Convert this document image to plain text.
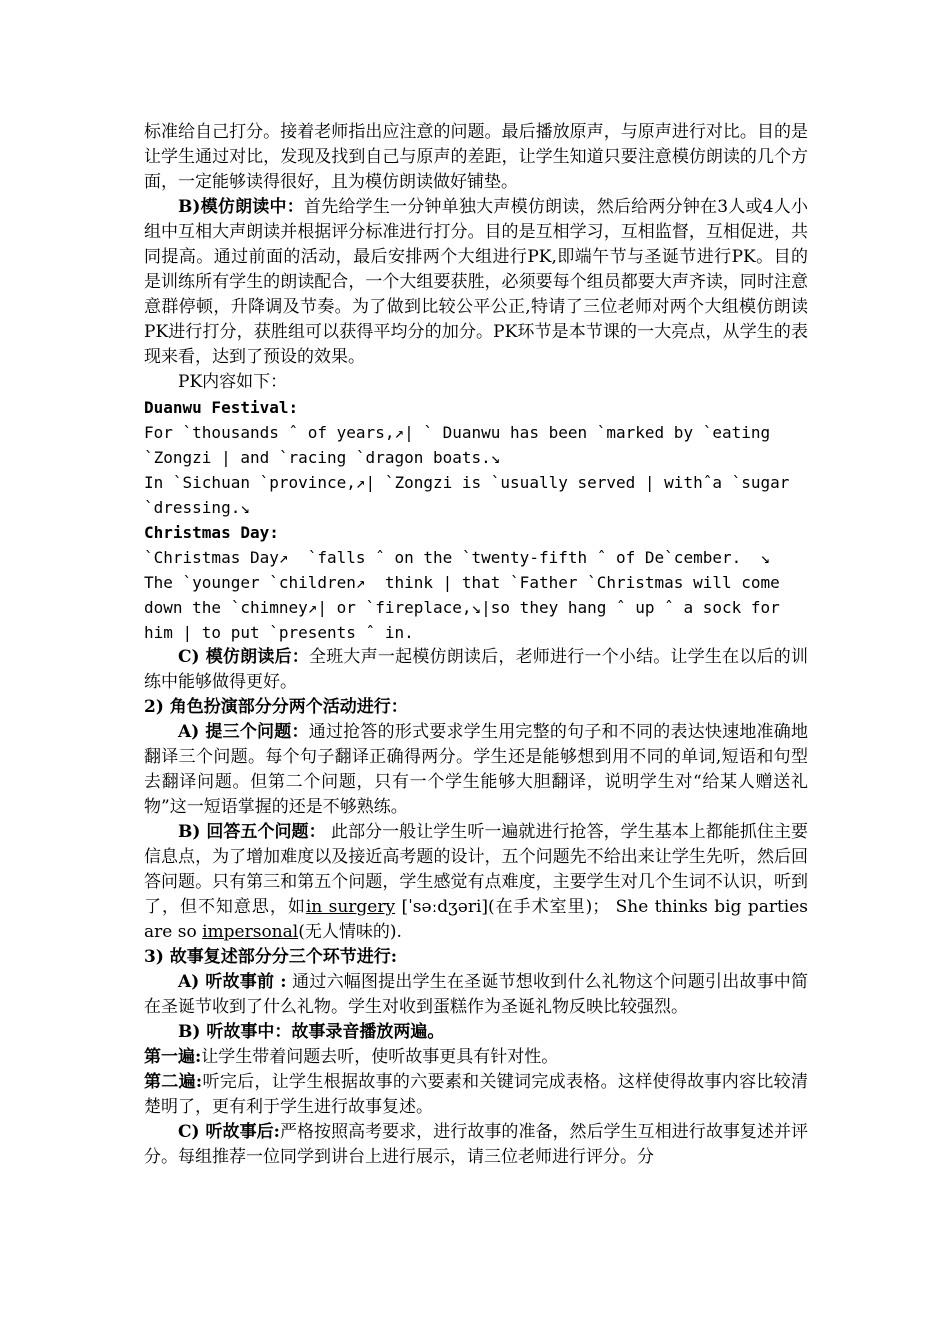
标准给自己打分。接着老师指出应注意的问题。最后播放原声，与原声进行对比。目的是让学生通过对比，发现及找到自己与原声的差距，让学生知道只要注意模仿朗读的几个方面，一定能够读得很好，且为模仿朗读做好铺垫。

B)模仿朗读中：首先给学生一分钟单独大声模仿朗读，然后给两分钟在3人或4人小组中互相大声朗读并根据评分标准进行打分。目的是互相学习，互相监督，互相促进，共同提高。通过前面的活动，最后安排两个大组进行PK,即端午节与圣诞节进行PK。目的是训练所有学生的朗读配合，一个大组要获胜，必须要每个组员都要大声齐读，同时注意意群停顿，升降调及节奏。为了做到比较公平公正,特请了三位老师对两个大组模仿朗读PK进行打分，获胜组可以获得平均分的加分。PK环节是本节课的一大亮点，从学生的表现来看，达到了预设的效果。

PK内容如下：

Duanwu Festival:
For `thousands ˆ of years,↗| ` Duanwu has been `marked by `eating
`Zongzi | and `racing `dragon boats.↘
In `Sichuan `province,↗| `Zongzi is `usually served | withˆa `sugar
`dressing.↘
Christmas Day:
`Christmas Day↗  `falls ˆ on the `twenty-fifth ˆ of De`cember.  ↘
The `younger `children↗  think | that `Father `Christmas will come
down the `chimney↗| or `fireplace,↘|so they hang ˆ up ˆ a sock for
him | to put `presents ˆ in.

C) 模仿朗读后：全班大声一起模仿朗读后，老师进行一个小结。让学生在以后的训练中能够做得更好。

2) 角色扮演部分分两个活动进行：

A) 提三个问题：通过抢答的形式要求学生用完整的句子和不同的表达快速地准确地翻译三个问题。每个句子翻译正确得两分。学生还是能够想到用不同的单词,短语和句型去翻译问题。但第二个问题，只有一个学生能够大胆翻译，说明学生对“给某人赠送礼物”这一短语掌握的还是不够熟练。

B) 回答五个问题： 此部分一般让学生听一遍就进行抢答，学生基本上都能抓住主要信息点，为了增加难度以及接近高考题的设计，五个问题先不给出来让学生先听，然后回答问题。只有第三和第五个问题，学生感觉有点难度，主要学生对几个生词不认识，听到了，但不知意思，如in surgery [ˈsəːdʒəri](在手术室里)； She thinks big parties are so impersonal(无人情味的).

3) 故事复述部分分三个环节进行:

A) 听故事前 : 通过六幅图提出学生在圣诞节想收到什么礼物这个问题引出故事中简在圣诞节收到了什么礼物。学生对收到蛋糕作为圣诞礼物反映比较强烈。

B) 听故事中：故事录音播放两遍。

第一遍:让学生带着问题去听，使听故事更具有针对性。

第二遍:听完后，让学生根据故事的六要素和关键词完成表格。这样使得故事内容比较清楚明了，更有利于学生进行故事复述。

C) 听故事后:严格按照高考要求，进行故事的准备，然后学生互相进行故事复述并评分。每组推荐一位同学到讲台上进行展示，请三位老师进行评分。分
